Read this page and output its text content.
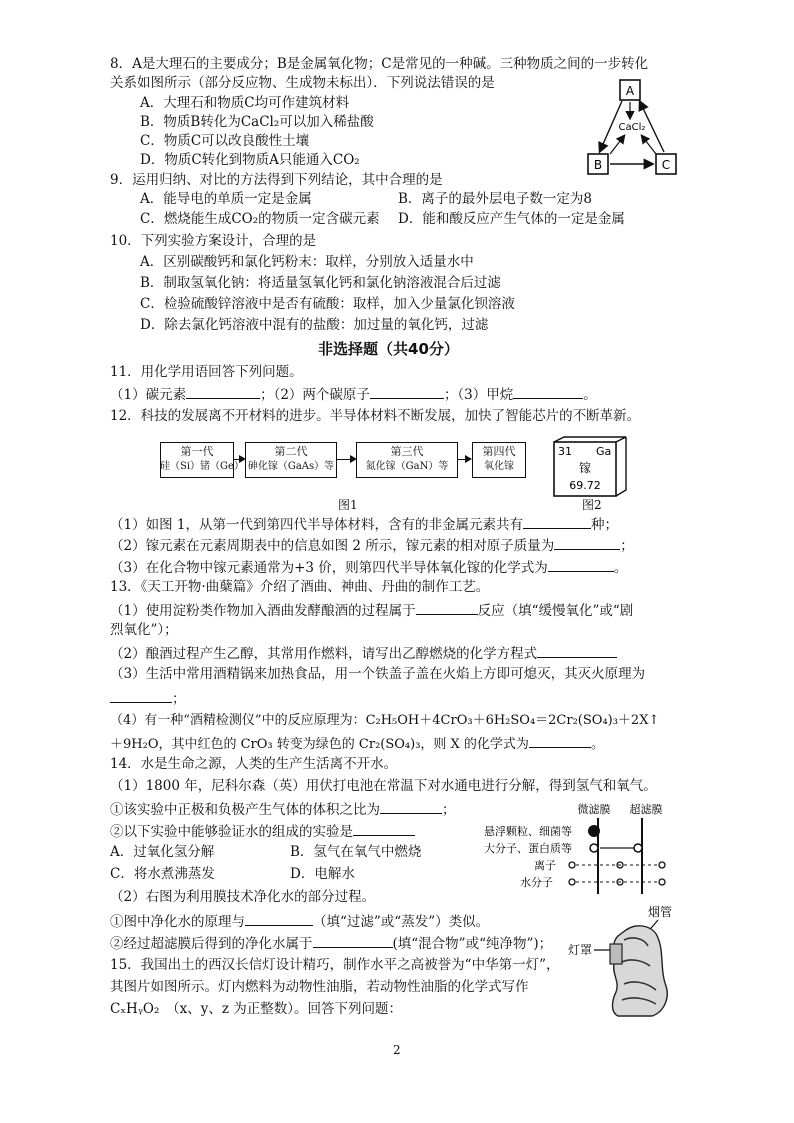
8．A是大理石的主要成分；B是金属氧化物；C是常见的一种碱。三种物质之间的一步转化
关系如图所示（部分反应物、生成物未标出）．下列说法错误的是
A．大理石和物质C均可作建筑材料
B．物质B转化为CaCl₂可以加入稀盐酸
C．物质C可以改良酸性土壤
D．物质C转化到物质A只能通入CO₂
A
B	C
CaCl₂
9．运用归纳、对比的方法得到下列结论，其中合理的是
A．能导电的单质一定是金属	B．离子的最外层电子数一定为8
C．燃烧能生成CO₂的物质一定含碳元素 D．能和酸反应产生气体的一定是金属
10．下列实验方案设计，合理的是
A．区别碳酸钙和氯化钙粉末：取样，分别放入适量水中
B．制取氢氧化钠：将适量氢氧化钙和氯化钠溶液混合后过滤
C．检验硫酸锌溶液中是否有硫酸：取样，加入少量氯化钡溶液
D．除去氯化钙溶液中混有的盐酸：加过量的氧化钙，过滤
非选择题（共40分）
11．用化学用语回答下列问题。
（1）碳元素	；（2）两个碳原子	；（3）甲烷	。
12．科技的发展离不开材料的进步。半导体材料不断发展，加快了智能芯片的不断革新。
第一代
硅（Si）锗（Ge）
第二代
砷化镓（GaAs）等
第三代
氮化镓（GaN）等
第四代
氧化镓
图1
31 Ga
镓
69.72
图2
（1）如图 1，从第一代到第四代半导体材料，含有的非金属元素共有	种；
（2）镓元素在元素周期表中的信息如图 2 所示，镓元素的相对原子质量为	；
（3）在化合物中镓元素通常为+3 价，则第四代半导体氧化镓的化学式为	。
13．《天工开物·曲蘖篇》介绍了酒曲、神曲、丹曲的制作工艺。
（1）使用淀粉类作物加入酒曲发酵酿酒的过程属于	反应（填“缓慢氧化”或“剧
烈氧化”）；
（2）酿酒过程产生乙醇，其常用作燃料，请写出乙醇燃烧的化学方程式
（3）生活中常用酒精锅来加热食品，用一个铁盖子盖在火焰上方即可熄灭，其灭火原理为
；
（4）有一种“酒精检测仪”中的反应原理为：C₂H₅OH＋4CrO₃＋6H₂SO₄＝2Cr₂(SO₄)₃＋2X↑
＋9H₂O，其中红色的 CrO₃ 转变为绿色的 Cr₂(SO₄)₃，则 X 的化学式为	。
14．水是生命之源，人类的生产生活离不开水。
（1）1800 年，尼科尔森（英）用伏打电池在常温下对水通电进行分解，得到氢气和氧气。
①该实验中正极和负极产生气体的体积之比为	；
②以下实验中能够验证水的组成的实验是
A．过氧化氢分解	B．氢气在氧气中燃烧
C．将水煮沸蒸发	D．电解水
（2）右图为利用膜技术净化水的部分过程。
①图中净化水的原理与	（填“过滤”或“蒸发”）类似。
②经过超滤膜后得到的净化水属于	(填“混合物”或“纯净物”)；
微滤膜 超滤膜
悬浮颗粒、细菌等
大分子、蛋白质等
离子
水分子
15．我国出土的西汉长信灯设计精巧，制作水平之高被誉为“中华第一灯”，
其图片如图所示。灯内燃料为动物性油脂，若动物性油脂的化学式写作
CₓHᵧO₂　（x、y、z 为正整数）。回答下列问题：
烟管
灯罩
2
